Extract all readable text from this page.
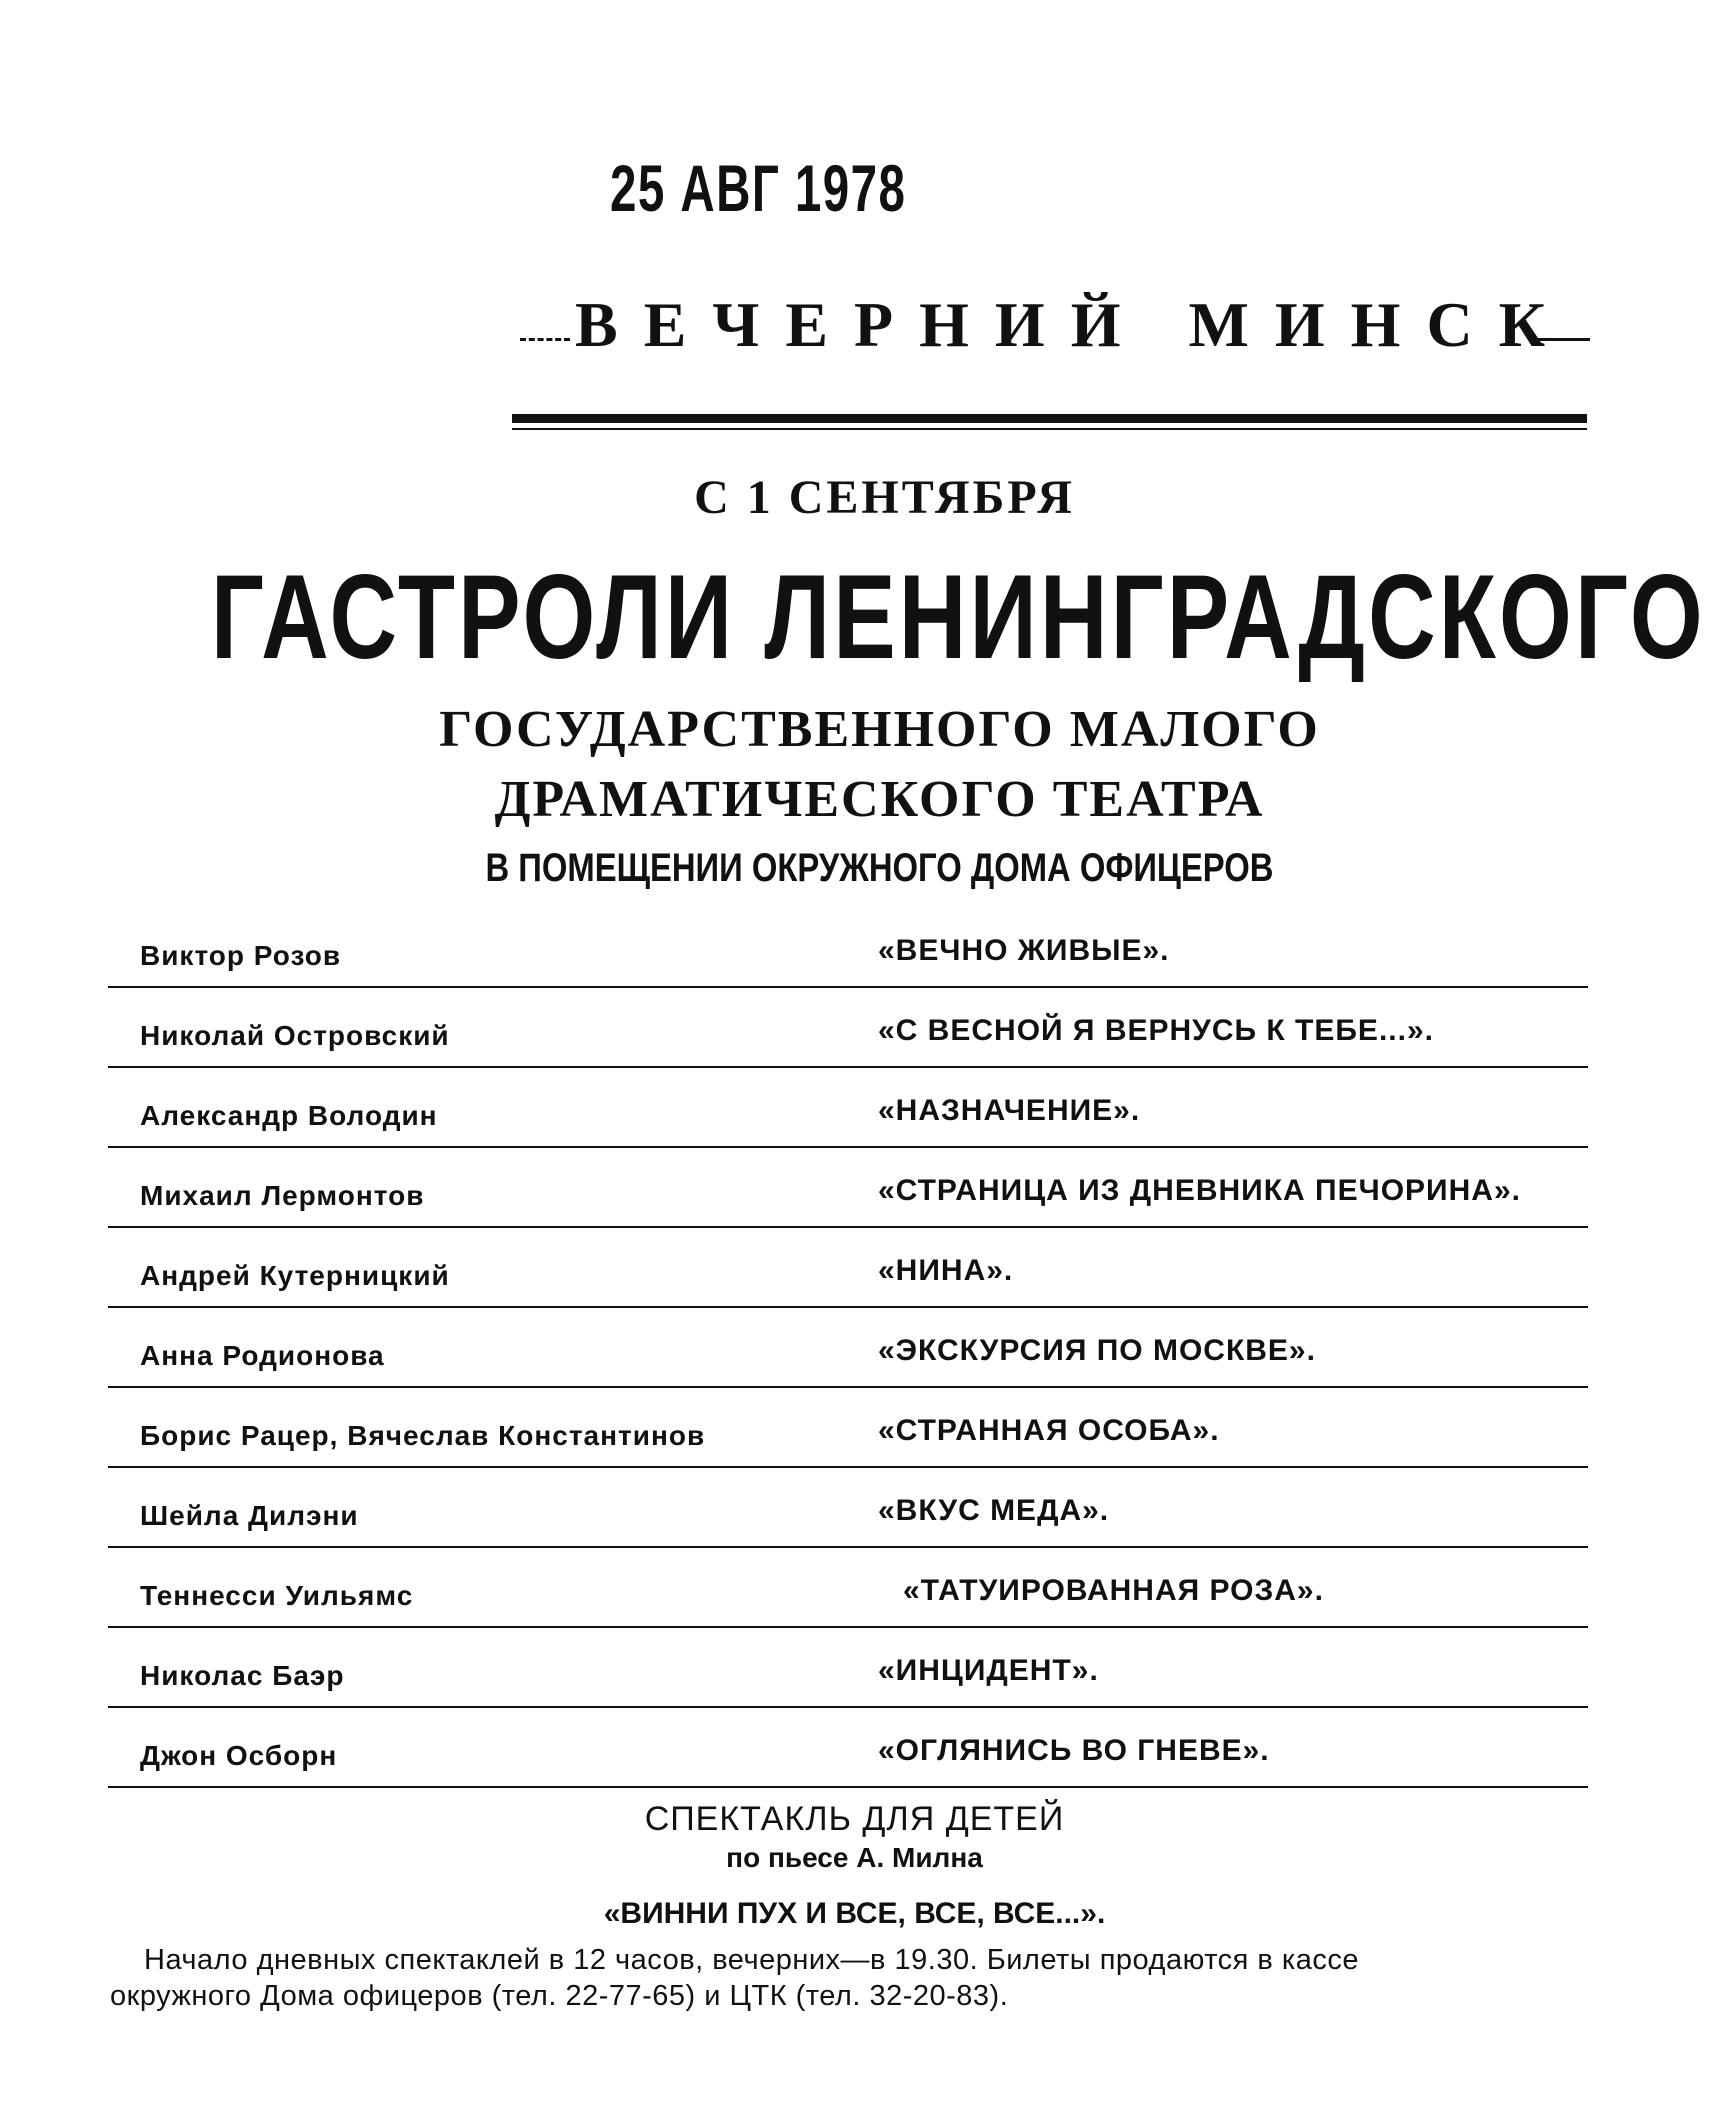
25 АВГ 1978
ВЕЧЕРНИЙ МИНСК
С 1 СЕНТЯБРЯ
ГАСТРОЛИ ЛЕНИНГРАДСКОГО
ГОСУДАРСТВЕННОГО МАЛОГО
ДРАМАТИЧЕСКОГО ТЕАТРА
В ПОМЕЩЕНИИ ОКРУЖНОГО ДОМА ОФИЦЕРОВ
Виктор Розов	«ВЕЧНО ЖИВЫЕ».
Николай Островский	«С ВЕСНОЙ Я ВЕРНУСЬ К ТЕБЕ...».
Александр Володин	«НАЗНАЧЕНИЕ».
Михаил Лермонтов	«СТРАНИЦА ИЗ ДНЕВНИКА ПЕЧОРИНА».
Андрей Кутерницкий	«НИНА».
Анна Родионова	«ЭКСКУРСИЯ ПО МОСКВЕ».
Борис Рацер, Вячеслав Константинов	«СТРАННАЯ ОСОБА».
Шейла Дилэни	«ВКУС МЕДА».
Теннесси Уильямс	«ТАТУИРОВАННАЯ РОЗА».
Николас Баэр	«ИНЦИДЕНТ».
Джон Осборн	«ОГЛЯНИСЬ ВО ГНЕВЕ».
СПЕКТАКЛЬ ДЛЯ ДЕТЕЙ
по пьесе А. Милна
«ВИННИ ПУХ И ВСЕ, ВСЕ, ВСЕ...».
Начало дневных спектаклей в 12 часов, вечерних—в 19.30. Билеты продаются в кассе
окружного Дома офицеров (тел. 22-77-65) и ЦТК (тел. 32-20-83).
